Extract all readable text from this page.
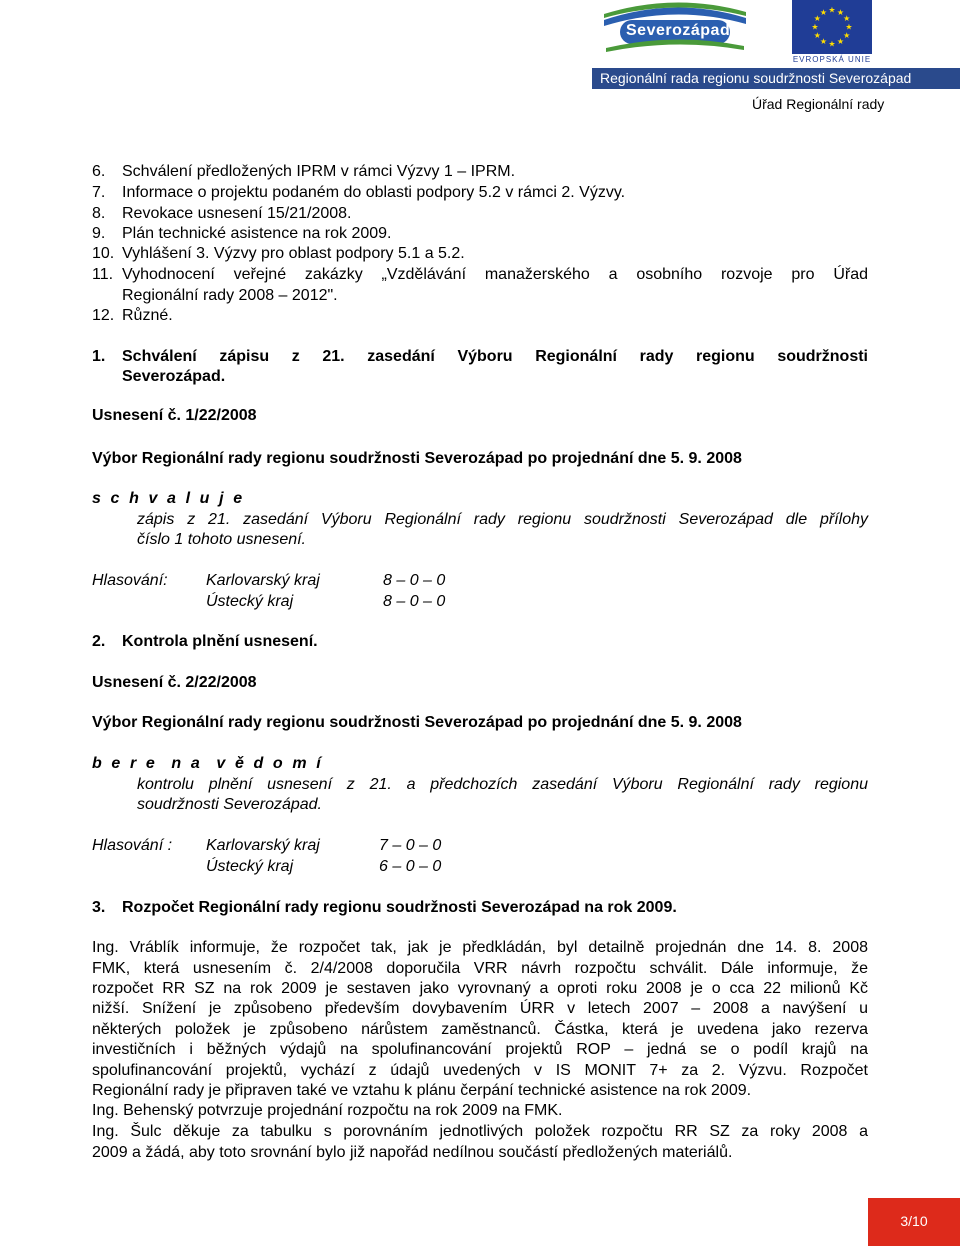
Severozápad	★
★
★
★
★
★
★
★
★ ★ ★
★
EVROPSKÁ UNIE
Regionální rada regionu soudržnosti Severozápad
Úřad Regionální rady
6. Schválení předložených IPRM v rámci Výzvy 1 – IPRM.
7. Informace o projektu podaném do oblasti podpory 5.2 v rámci 2. Výzvy.
8. Revokace usnesení 15/21/2008.
9. Plán technické asistence na rok 2009.
10. Vyhlášení 3. Výzvy pro oblast podpory 5.1 a 5.2.
11. Vyhodnocení veřejné zakázky „Vzdělávání manažerského a osobního rozvoje pro Úřad
Regionální rady 2008 – 2012".
12. Různé.
1. Schválení zápisu z 21. zasedání Výboru Regionální rady regionu soudržnosti
Severozápad.
Usnesení č. 1/22/2008
Výbor Regionální rady regionu soudržnosti Severozápad po projednání dne 5. 9. 2008
s c h v a l u j e
zápis z 21. zasedání Výboru Regionální rady regionu soudržnosti Severozápad dle přílohy
číslo 1 tohoto usnesení.
Hlasování: Karlovarský kraj	8 – 0 – 0
Ústecký kraj	8 – 0 – 0
2. Kontrola plnění usnesení.
Usnesení č. 2/22/2008
Výbor Regionální rady regionu soudržnosti Severozápad po projednání dne 5. 9. 2008
b e r e  n a  v ě d o m í
kontrolu plnění usnesení z 21. a předchozích zasedání Výboru Regionální rady regionu
soudržnosti Severozápad.
Hlasování : Karlovarský kraj	7 – 0 – 0
Ústecký kraj	6 – 0 – 0
3. Rozpočet Regionální rady regionu soudržnosti Severozápad na rok 2009.
Ing. Vráblík informuje, že rozpočet tak, jak je předkládán, byl detailně projednán dne 14. 8. 2008
FMK, která usnesením č. 2/4/2008 doporučila VRR návrh rozpočtu schválit. Dále informuje, že
rozpočet RR SZ na rok 2009 je sestaven jako vyrovnaný a oproti roku 2008 je o cca 22 milionů Kč
nižší. Snížení je způsobeno především dovybavením ÚRR v letech 2007 – 2008 a navýšení u
některých položek je způsobeno nárůstem zaměstnanců. Částka, která je uvedena jako rezerva
investičních i běžných výdajů na spolufinancování projektů ROP – jedná se o podíl krajů na
spolufinancování projektů, vychází z údajů uvedených v IS MONIT 7+ za 2. Výzvu. Rozpočet
Regionální rady je připraven také ve vztahu k plánu čerpání technické asistence na rok 2009.
Ing. Behenský potvrzuje projednání rozpočtu na rok 2009 na FMK.
Ing. Šulc děkuje za tabulku s porovnáním jednotlivých položek rozpočtu RR SZ za roky 2008 a
2009 a žádá, aby toto srovnání bylo již napořád nedílnou součástí předložených materiálů.
3/10
